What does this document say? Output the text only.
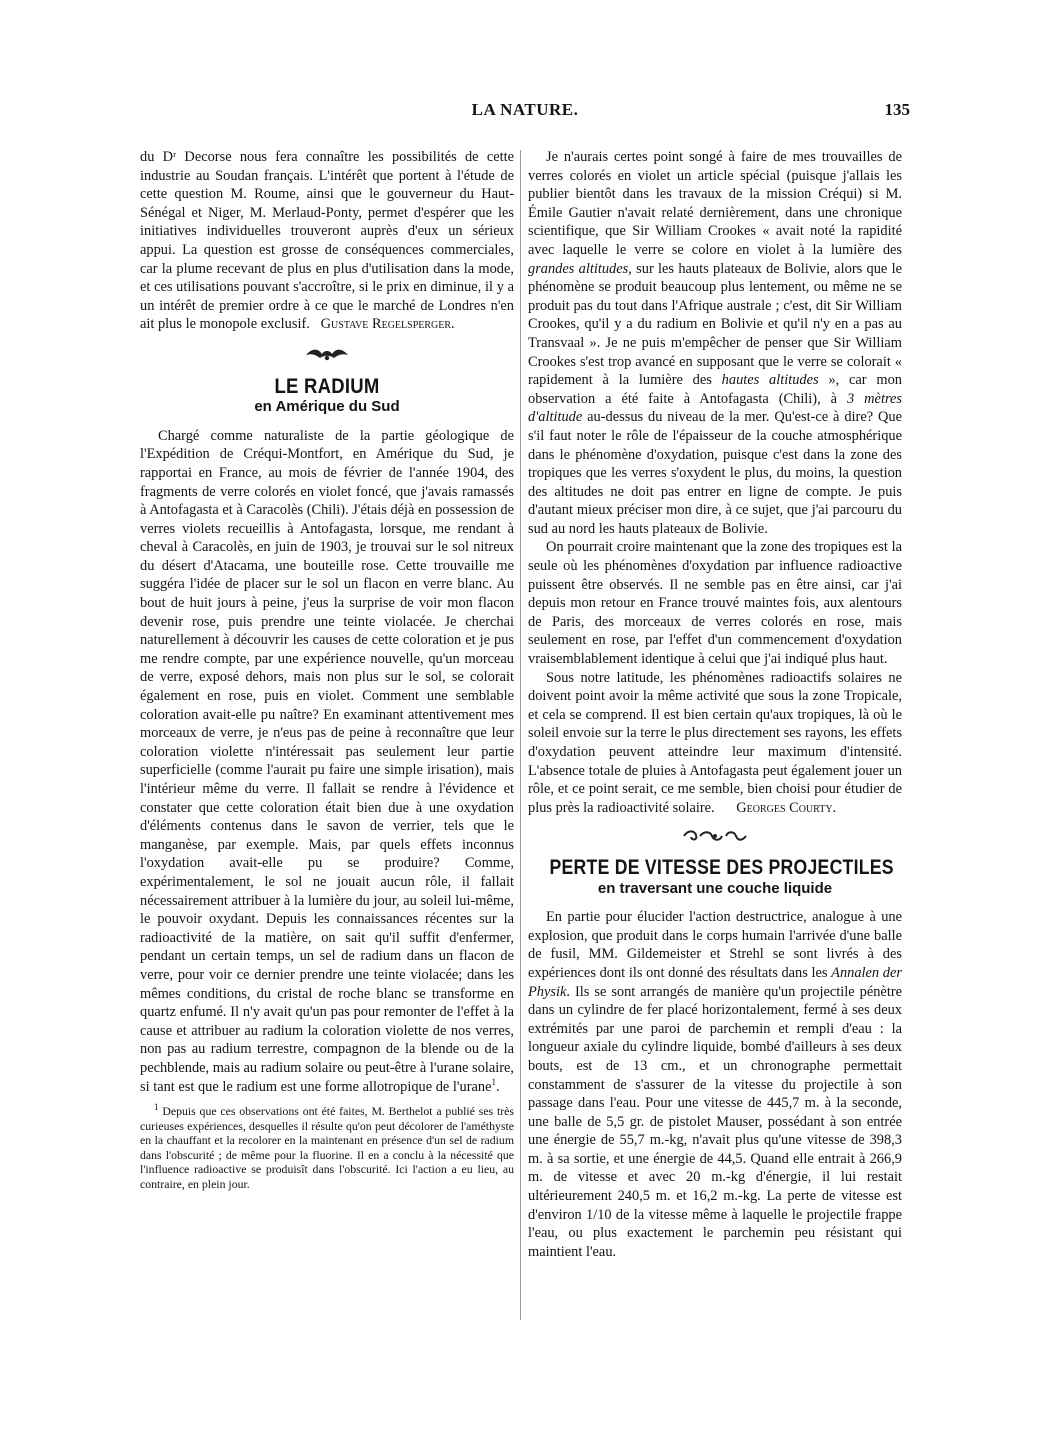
LA NATURE.	135

du Dʳ Decorse nous fera connaître les possibilités de cette industrie au Soudan français. L'intérêt que portent à l'étude de cette question M. Roume, ainsi que le gouverneur du Haut-Sénégal et Niger, M. Merlaud-Ponty, permet d'espérer que les initiatives individuelles trouveront auprès d'eux un sérieux appui. La question est grosse de conséquences commerciales, car la plume recevant de plus en plus d'utilisation dans la mode, et ces utilisations pouvant s'accroître, si le prix en diminue, il y a un intérêt de premier ordre à ce que le marché de Londres n'en ait plus le monopole exclusif. Gustave Regelsperger.

LE RADIUM
en Amérique du Sud

Chargé comme naturaliste de la partie géologique de l'Expédition de Créqui-Montfort, en Amérique du Sud, je rapportai en France, au mois de février de l'année 1904, des fragments de verre colorés en violet foncé, que j'avais ramassés à Antofagasta et à Caracolès (Chili). J'étais déjà en possession de verres violets recueillis à Antofagasta, lorsque, me rendant à cheval à Caracolès, en juin de 1903, je trouvai sur le sol nitreux du désert d'Atacama, une bouteille rose. Cette trouvaille me suggéra l'idée de placer sur le sol un flacon en verre blanc. Au bout de huit jours à peine, j'eus la surprise de voir mon flacon devenir rose, puis prendre une teinte violacée. Je cherchai naturellement à découvrir les causes de cette coloration et je pus me rendre compte, par une expérience nouvelle, qu'un morceau de verre, exposé dehors, mais non plus sur le sol, se colorait également en rose, puis en violet. Comment une semblable coloration avait-elle pu naître? En examinant attentivement mes morceaux de verre, je n'eus pas de peine à reconnaître que leur coloration violette n'intéressait pas seulement leur partie superficielle (comme l'aurait pu faire une simple irisation), mais l'intérieur même du verre. Il fallait se rendre à l'évidence et constater que cette coloration était bien due à une oxydation d'éléments contenus dans le savon de verrier, tels que le manganèse, par exemple. Mais, par quels effets inconnus l'oxydation avait-elle pu se produire? Comme, expérimentalement, le sol ne jouait aucun rôle, il fallait nécessairement attribuer à la lumière du jour, au soleil lui-même, le pouvoir oxydant. Depuis les connaissances récentes sur la radioactivité de la matière, on sait qu'il suffit d'enfermer, pendant un certain temps, un sel de radium dans un flacon de verre, pour voir ce dernier prendre une teinte violacée; dans les mêmes conditions, du cristal de roche blanc se transforme en quartz enfumé. Il n'y avait qu'un pas pour remonter de l'effet à la cause et attribuer au radium la coloration violette de nos verres, non pas au radium terrestre, compagnon de la blende ou de la pechblende, mais au radium solaire ou peut-être à l'urane solaire, si tant est que le radium est une forme allotropique de l'urane$^1$.

$^1$ Depuis que ces observations ont été faites, M. Berthelot a publié ses très curieuses expériences, desquelles il résulte qu'on peut décolorer de l'améthyste en la chauffant et la recolorer en la maintenant en présence d'un sel de radium dans l'obscurité ; de même pour la fluorine. Il en a conclu à la nécessité que l'influence radioactive se produisît dans l'obscurité. Ici l'action a eu lieu, au contraire, en plein jour.

Je n'aurais certes point songé à faire de mes trouvailles de verres colorés en violet un article spécial (puisque j'allais les publier bientôt dans les travaux de la mission Créqui) si M. Émile Gautier n'avait relaté dernièrement, dans une chronique scientifique, que Sir William Crookes « avait noté la rapidité avec laquelle le verre se colore en violet à la lumière des grandes altitudes, sur les hauts plateaux de Bolivie, alors que le phénomène se produit beaucoup plus lentement, ou même ne se produit pas du tout dans l'Afrique australe ; c'est, dit Sir William Crookes, qu'il y a du radium en Bolivie et qu'il n'y en a pas au Transvaal ». Je ne puis m'empêcher de penser que Sir William Crookes s'est trop avancé en supposant que le verre se colorait « rapidement à la lumière des hautes altitudes », car mon observation a été faite à Antofagasta (Chili), à 3 mètres d'altitude au-dessus du niveau de la mer. Qu'est-ce à dire? Que s'il faut noter le rôle de l'épaisseur de la couche atmosphérique dans le phénomène d'oxydation, puisque c'est dans la zone des tropiques que les verres s'oxydent le plus, du moins, la question des altitudes ne doit pas entrer en ligne de compte. Je puis d'autant mieux préciser mon dire, à ce sujet, que j'ai parcouru du sud au nord les hauts plateaux de Bolivie.

On pourrait croire maintenant que la zone des tropiques est la seule où les phénomènes d'oxydation par influence radioactive puissent être observés. Il ne semble pas en être ainsi, car j'ai depuis mon retour en France trouvé maintes fois, aux alentours de Paris, des morceaux de verres colorés en rose, mais seulement en rose, par l'effet d'un commencement d'oxydation vraisemblablement identique à celui que j'ai indiqué plus haut.

Sous notre latitude, les phénomènes radioactifs solaires ne doivent point avoir la même activité que sous la zone Tropicale, et cela se comprend. Il est bien certain qu'aux tropiques, là où le soleil envoie sur la terre le plus directement ses rayons, les effets d'oxydation peuvent atteindre leur maximum d'intensité. L'absence totale de pluies à Antofagasta peut également jouer un rôle, et ce point serait, ce me semble, bien choisi pour étudier de plus près la radioactivité solaire. Georges Courty.

PERTE DE VITESSE DES PROJECTILES
en traversant une couche liquide

En partie pour élucider l'action destructrice, analogue à une explosion, que produit dans le corps humain l'arrivée d'une balle de fusil, MM. Gildemeister et Strehl se sont livrés à des expériences dont ils ont donné des résultats dans les Annalen der Physik. Ils se sont arrangés de manière qu'un projectile pénètre dans un cylindre de fer placé horizontalement, fermé à ses deux extrémités par une paroi de parchemin et rempli d'eau : la longueur axiale du cylindre liquide, bombé d'ailleurs à ses deux bouts, est de 13 cm., et un chronographe permettait constamment de s'assurer de la vitesse du projectile à son passage dans l'eau. Pour une vitesse de 445,7 m. à la seconde, une balle de 5,5 gr. de pistolet Mauser, possédant à son entrée une énergie de 55,7 m.-kg, n'avait plus qu'une vitesse de 398,3 m. à sa sortie, et une énergie de 44,5. Quand elle entrait à 266,9 m. de vitesse et avec 20 m.-kg d'énergie, il lui restait ultérieurement 240,5 m. et 16,2 m.-kg. La perte de vitesse est d'environ 1/10 de la vitesse même à laquelle le projectile frappe l'eau, ou plus exactement le parchemin peu résistant qui maintient l'eau.
